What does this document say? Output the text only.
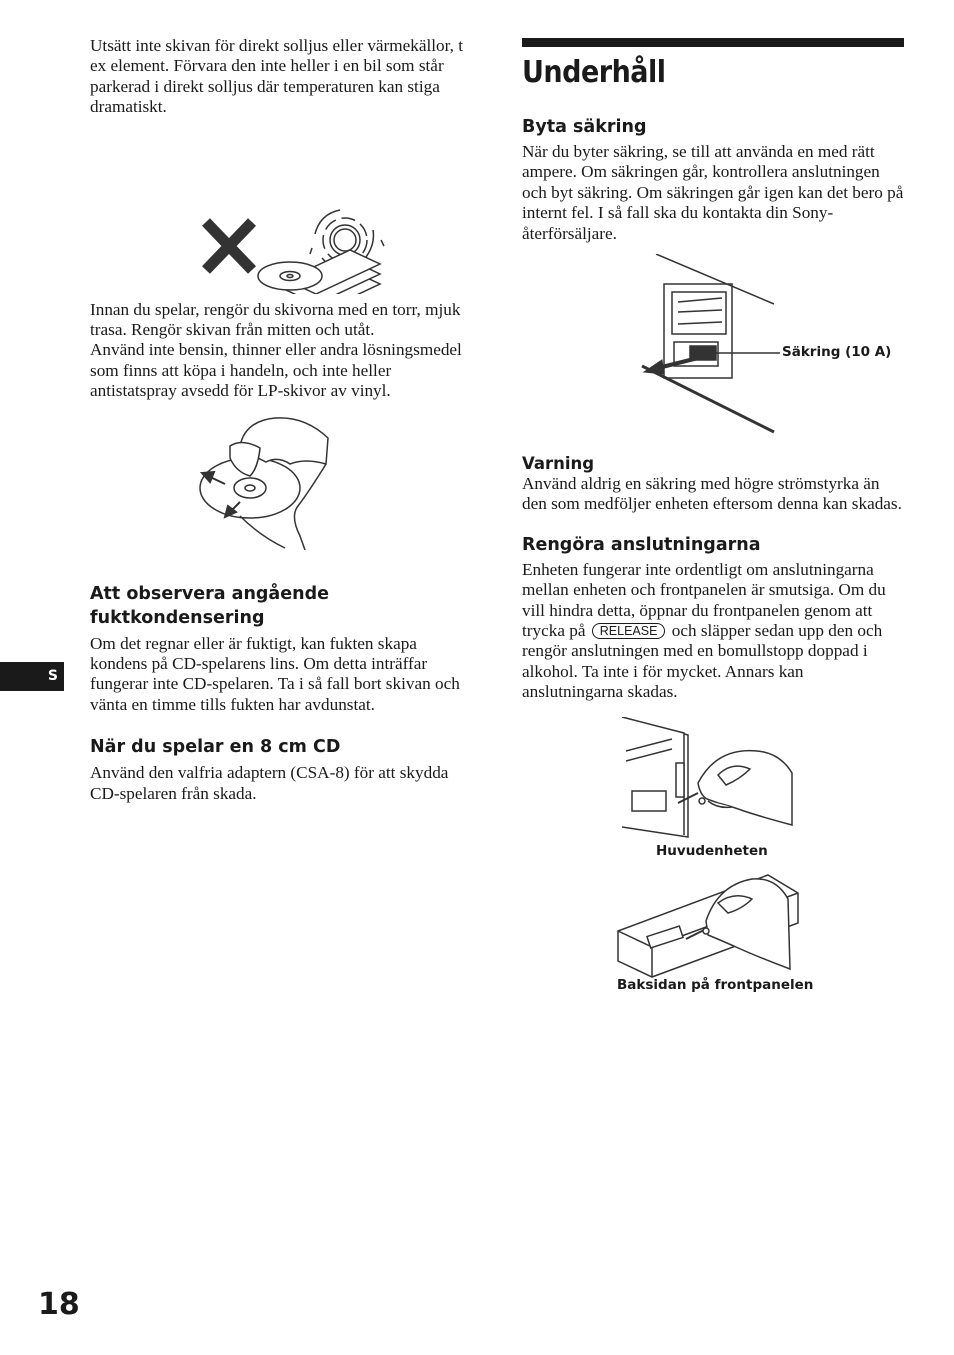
Utsätt inte skivan för direkt solljus eller värmekällor, t ex element. Förvara den inte heller i en bil som står parkerad i direkt solljus där temperaturen kan stiga dramatiskt.

Innan du spelar, rengör du skivorna med en torr, mjuk trasa. Rengör skivan från mitten och utåt.

Använd inte bensin, thinner eller andra lösningsmedel som finns att köpa i handeln, och inte heller antistatspray avsedd för LP-skivor av vinyl.

Att observera angående fuktkondensering

Om det regnar eller är fuktigt, kan fukten skapa kondens på CD-spelarens lins. Om detta inträffar fungerar inte CD-spelaren. Ta i så fall bort skivan och vänta en timme tills fukten har avdunstat.

När du spelar en 8 cm CD

Använd den valfria adaptern (CSA-8) för att skydda CD-spelaren från skada.

Underhåll
Byta säkring

När du byter säkring, se till att använda en med rätt ampere. Om säkringen går, kontrollera anslutningen och byt säkring. Om säkringen går igen kan det bero på internt fel. I så fall ska du kontakta din Sony-återförsäljare.

Säkring (10 A)
Varning

Använd aldrig en säkring med högre strömstyrka än den som medföljer enheten eftersom denna kan skadas.

Rengöra anslutningarna

Enheten fungerar inte ordentligt om anslutningarna mellan enheten och frontpanelen är smutsiga. Om du vill hindra detta, öppnar du frontpanelen genom att trycka på RELEASE och släpper sedan upp den och rengör anslutningen med en bomullstopp doppad i alkohol. Ta inte i för mycket. Annars kan anslutningarna skadas.

Huvudenheten
Baksidan på frontpanelen
S
18
